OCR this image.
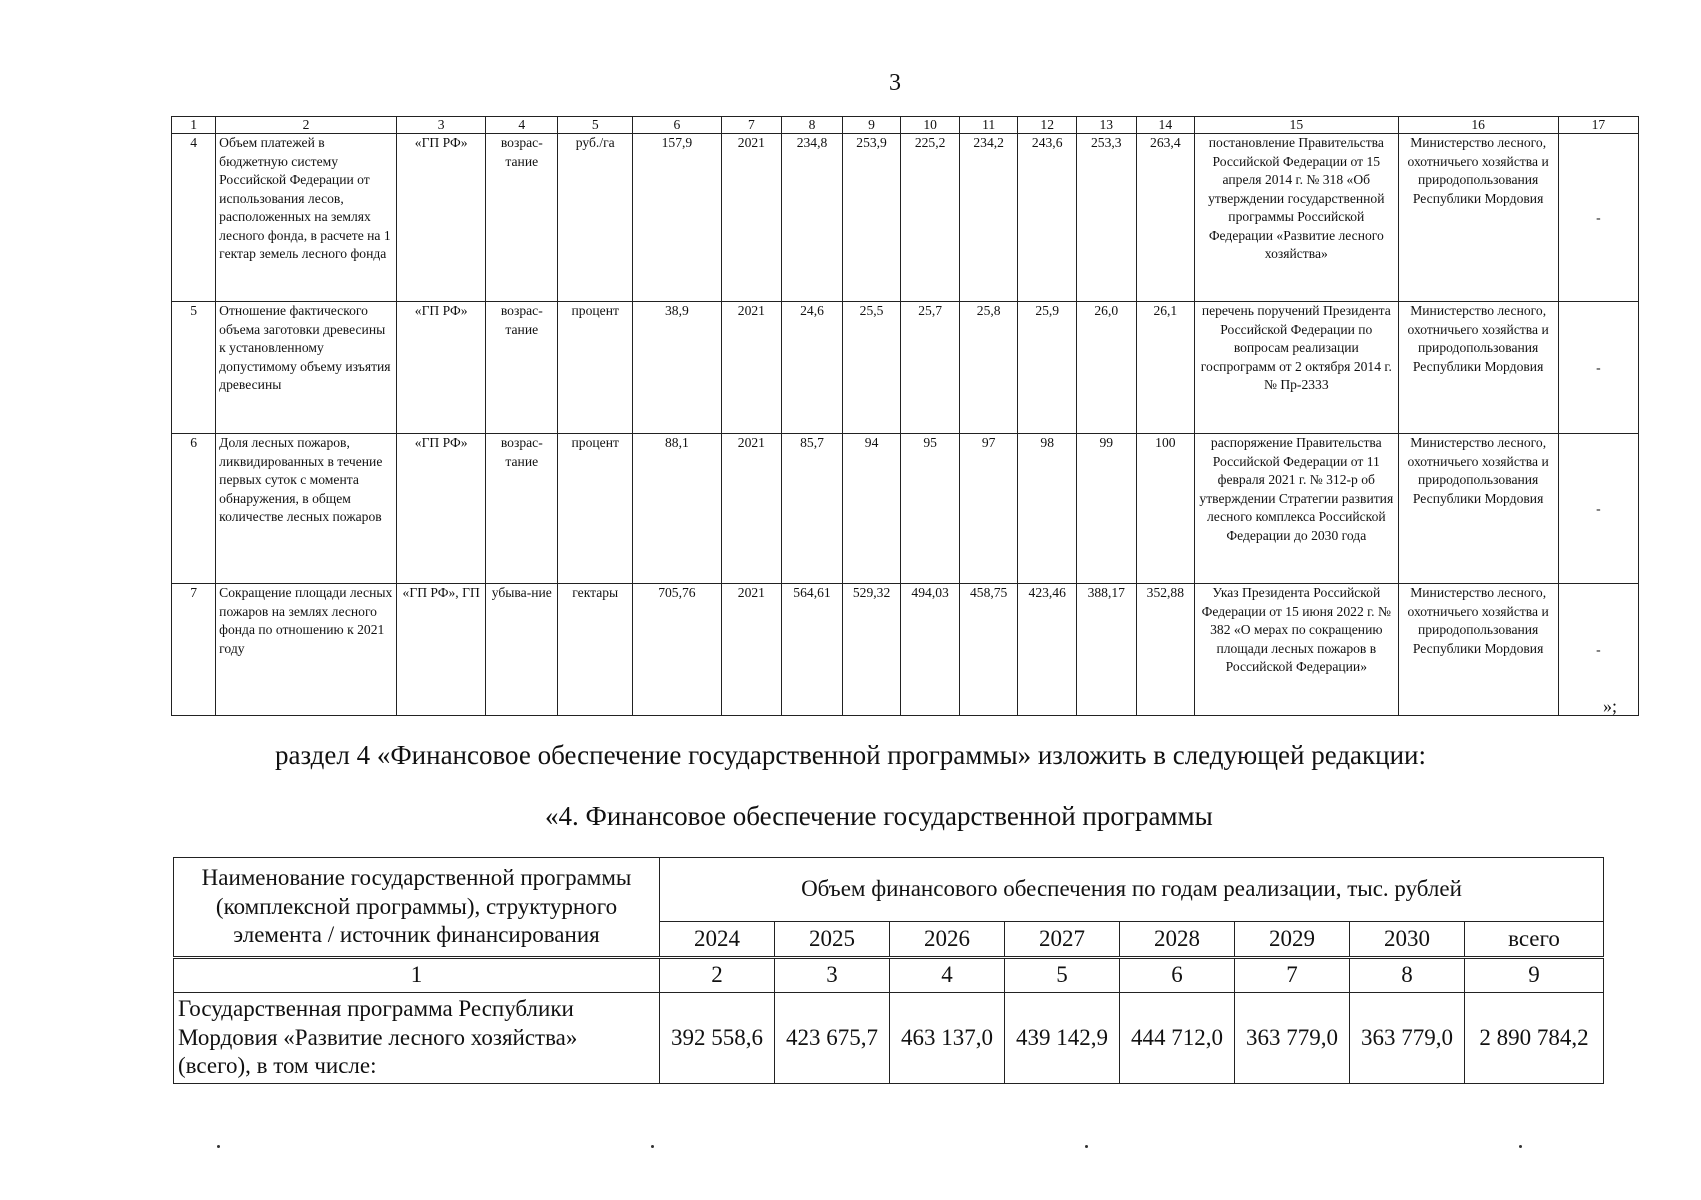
3
1	2	3	4	5	6	7	8	9	10	11	12	13	14	15	16	17
4	Объем платежей в бюджетную систему Российской Федерации от использования лесов, расположенных на землях лесного фонда, в расчете на 1 гектар земель лесного фонда	«ГП РФ»	возрас-тание	руб./га	157,9	2021	234,8	253,9	225,2	234,2	243,6	253,3	263,4	постановление Правительства Российской Федерации от 15 апреля 2014 г. № 318 «Об утверждении государственной программы Российской Федерации «Развитие лесного хозяйства»	Министерство лесного, охотничьего хозяйства и природопользования Республики Мордовия	-
5	Отношение фактического объема заготовки древесины к установленному допустимому объему изъятия древесины	«ГП РФ»	возрас-тание	процент	38,9	2021	24,6	25,5	25,7	25,8	25,9	26,0	26,1	перечень поручений Президента Российской Федерации по вопросам реализации госпрограмм от 2 октября 2014 г. № Пр-2333	Министерство лесного, охотничьего хозяйства и природопользования Республики Мордовия	-
6	Доля лесных пожаров, ликвидированных в течение первых суток с момента обнаружения, в общем количестве лесных пожаров	«ГП РФ»	возрас-тание	процент	88,1	2021	85,7	94	95	97	98	99	100	распоряжение Правительства Российской Федерации от 11 февраля 2021 г. № 312-р об утверждении Стратегии развития лесного комплекса Российской Федерации до 2030 года	Министерство лесного, охотничьего хозяйства и природопользования Республики Мордовия	-
7	Сокращение площади лесных пожаров на землях лесного фонда по отношению к 2021 году	«ГП РФ», ГП	убыва-ние	гектары	705,76	2021	564,61	529,32	494,03	458,75	423,46	388,17	352,88	Указ Президента Российской Федерации от 15 июня 2022 г. № 382 «О мерах по сокращению площади лесных пожаров в Российской Федерации»	Министерство лесного, охотничьего хозяйства и природопользования Республики Мордовия	-
»;
раздел 4 «Финансовое обеспечение государственной программы» изложить в следующей редакции:
«4. Финансовое обеспечение государственной программы
Наименование государственной программы (комплексной программы), структурного элемента / источник финансирования	Объем финансового обеспечения по годам реализации, тыс. рублей							
	2024	2025	2026	2027	2028	2029	2030	всего
1	2	3	4	5	6	7	8	9
Государственная программа Республики Мордовия «Развитие лесного хозяйства» (всего), в том числе:	392 558,6	423 675,7	463 137,0	439 142,9	444 712,0	363 779,0	363 779,0	2 890 784,2
